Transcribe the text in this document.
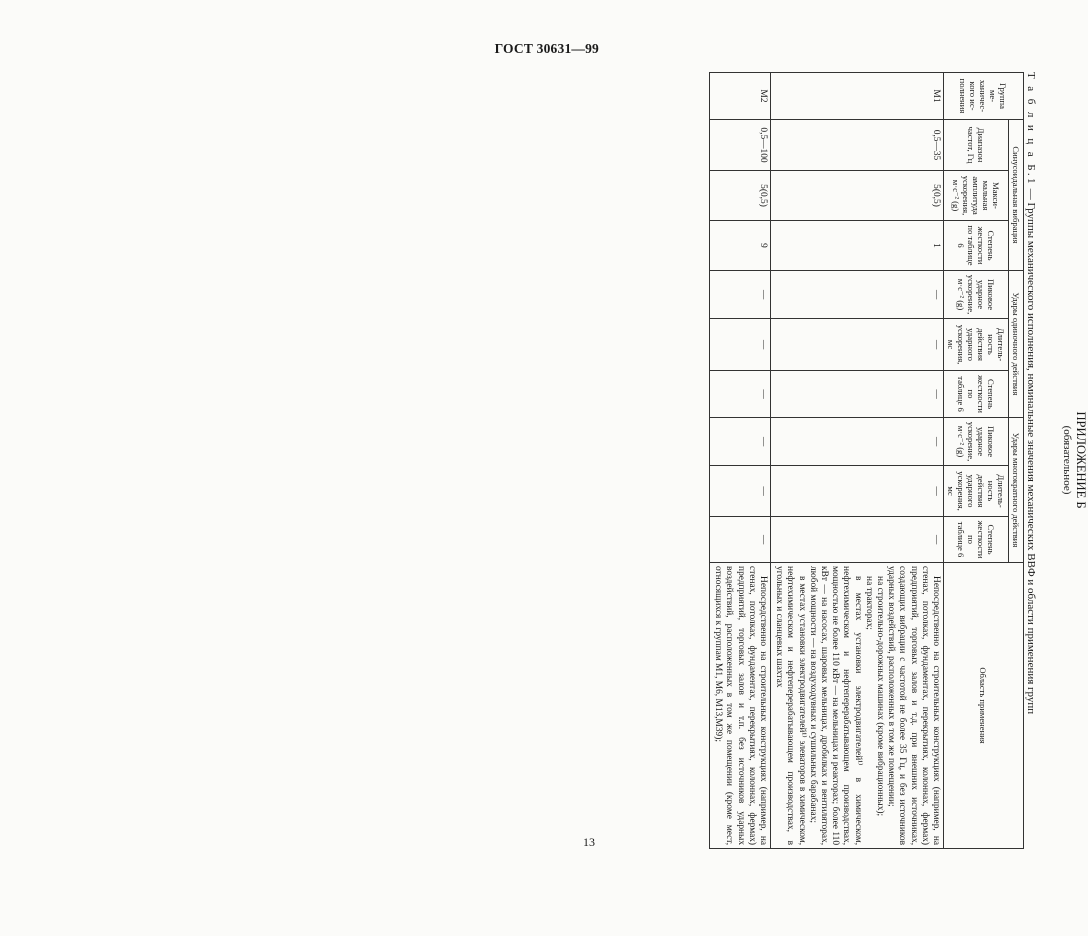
ГОСТ 30631—99
ПРИЛОЖЕНИЕ Б
(обязательное)
Т а б л и ц а Б.1 — Группы механического исполнения, номинальные значения механических ВВФ и области применения групп
Группа ме-ханичес-кого ис-полнения	Синусоидальная вибрация			Удары одиночного действия			Удары многократного действия			Область применения
	Диапазон частот, Гц	Макси-мальная амплитуда ускорения, м·с⁻² (g)	Степень жесткости по таблице 6	Пиковое ударное ускорение, м·с⁻² (g)	Длитель-ность действия ударного ускорения, мс	Степень жесткости по таблице 6	Пиковое ударное ускорение, м·с⁻² (g)	Длитель-ность действия ударного ускорения, мс	Степень жесткости по таблице 6	
М1	0,5—35	5(0,5)	1	—	—	—	—	—	—	Непосредственно на строительных конструкциях (например, на стенах, потолках, фундаментах, перекрытиях, колоннах, фермах) предприятий, торговых залов и т.д. при внешних источниках, создающих вибрации с частотой не более 35 Гц, и без источников ударных воздействий, расположенных в том же помещении;

на строительно-дорожных машинах (кроме вибрационных);

на тракторах;

в местах установки электродвигателей¹⁾ в химическом, нефтехимическом и нефтеперерабатывающем производствах, мощностью не более 110 кВт — на мельницах и реакторах; более 110 кВт — на насосах, шаровых мельницах, дробилках и вентиляторах, любой мощности — на воздуходувных и сушильных барабанах;

в местах установки электродвигателей¹⁾ элеваторов в химическом, нефтехимическом и нефтеперерабатывающем производствах, в угольных и сланцевых шахтах

М2	0,5—100	5(0,5)	9	—	—	—	—	—	—	Непосредственно на строительных конструкциях (например, на стенах, потолках, фундаментах, перекрытиях, колоннах, фермах) предприятий, торговых залов и т.п. без источников ударных воздействий, расположенных в том же помещении (кроме мест, относящихся к группам М1, М6, М13,М39);

13
